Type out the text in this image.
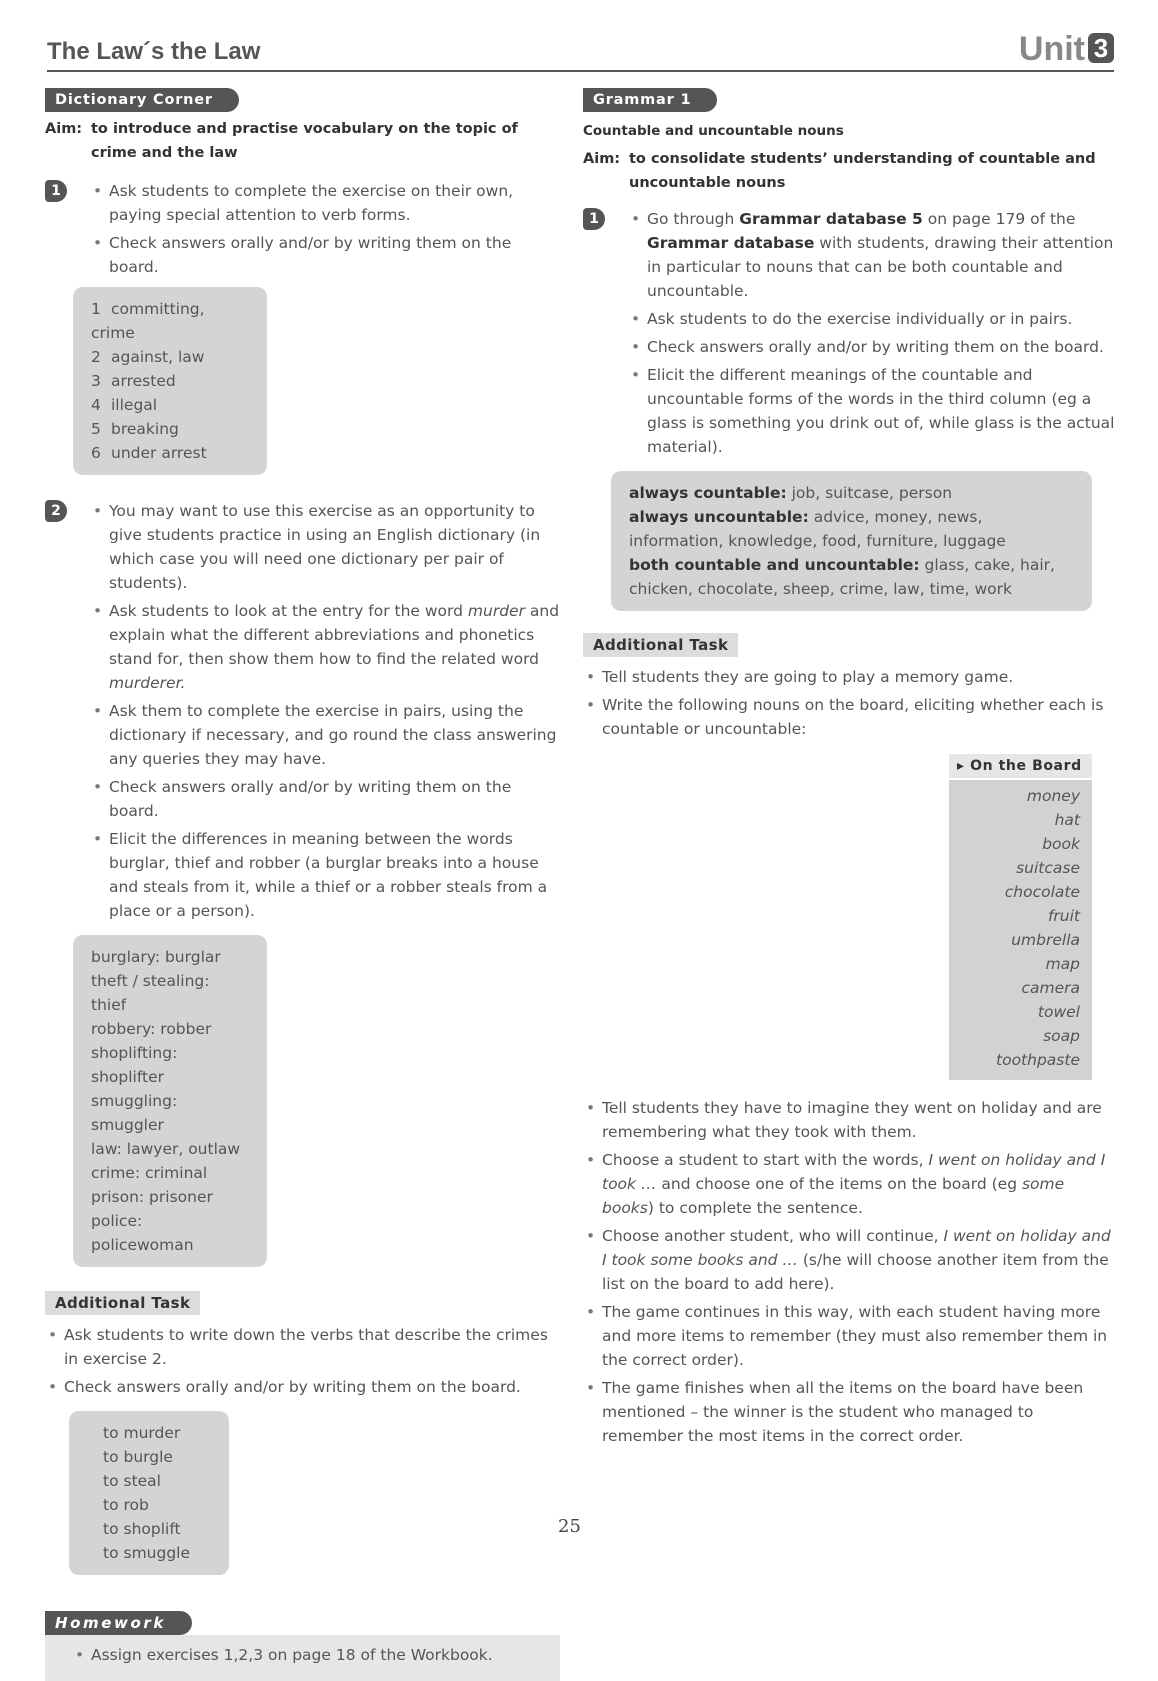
The Law´s the Law	Unit 3
Dictionary Corner
Aim: to introduce and practise vocabulary on the topic of crime and the law
1	• Ask students to complete the exercise on their own, paying special attention to verb forms.
• Check answers orally and/or by writing them on the board.
1 committing, crime
2 against, law
3 arrested
4 illegal
5 breaking
6 under arrest
2	• You may want to use this exercise as an opportunity to give students practice in using an English dictionary (in which case you will need one dictionary per pair of students).
• Ask students to look at the entry for the word murder and explain what the different abbreviations and phonetics stand for, then show them how to find the related word murderer.
• Ask them to complete the exercise in pairs, using the dictionary if necessary, and go round the class answering any queries they may have.
• Check answers orally and/or by writing them on the board.
• Elicit the differences in meaning between the words burglar, thief and robber (a burglar breaks into a house and steals from it, while a thief or a robber steals from a place or a person).
burglary: burglar
theft / stealing: thief
robbery: robber
shoplifting: shoplifter
smuggling: smuggler
law: lawyer, outlaw
crime: criminal
prison: prisoner
police: policewoman
Additional Task
• Ask students to write down the verbs that describe the crimes in exercise 2.
• Check answers orally and/or by writing them on the board.
to murder
to burgle
to steal
to rob
to shoplift
to smuggle
Homework
• Assign exercises 1,2,3 on page 18 of the Workbook.
Grammar 1
Countable and uncountable nouns
Aim: to consolidate students’ understanding of countable and uncountable nouns
1	• Go through Grammar database 5 on page 179 of the Grammar database with students, drawing their attention in particular to nouns that can be both countable and uncountable.
• Ask students to do the exercise individually or in pairs.
• Check answers orally and/or by writing them on the board.
• Elicit the different meanings of the countable and uncountable forms of the words in the third column (eg a glass is something you drink out of, while glass is the actual material).
always countable: job, suitcase, person
always uncountable: advice, money, news, information, knowledge, food, furniture, luggage
both countable and uncountable: glass, cake, hair, chicken, chocolate, sheep, crime, law, time, work
Additional Task
• Tell students they are going to play a memory game.
• Write the following nouns on the board, eliciting whether each is countable or uncountable:
• Tell students they have to imagine they went on holiday and are remembering what they took with them.
• Choose a student to start with the words, I went on holiday and I took … and choose one of the items on the board (eg some books) to complete the sentence.
• Choose another student, who will continue, I went on holiday and I took some books and … (s/he will choose another item from the list on the board to add here).
• The game continues in this way, with each student having more and more items to remember (they must also remember them in the correct order).
• The game finishes when all the items on the board have been mentioned – the winner is the student who managed to remember the most items in the correct order.
▸ On the Board
money
hat
book
suitcase
chocolate
fruit
umbrella
map
camera
towel
soap
toothpaste
25
